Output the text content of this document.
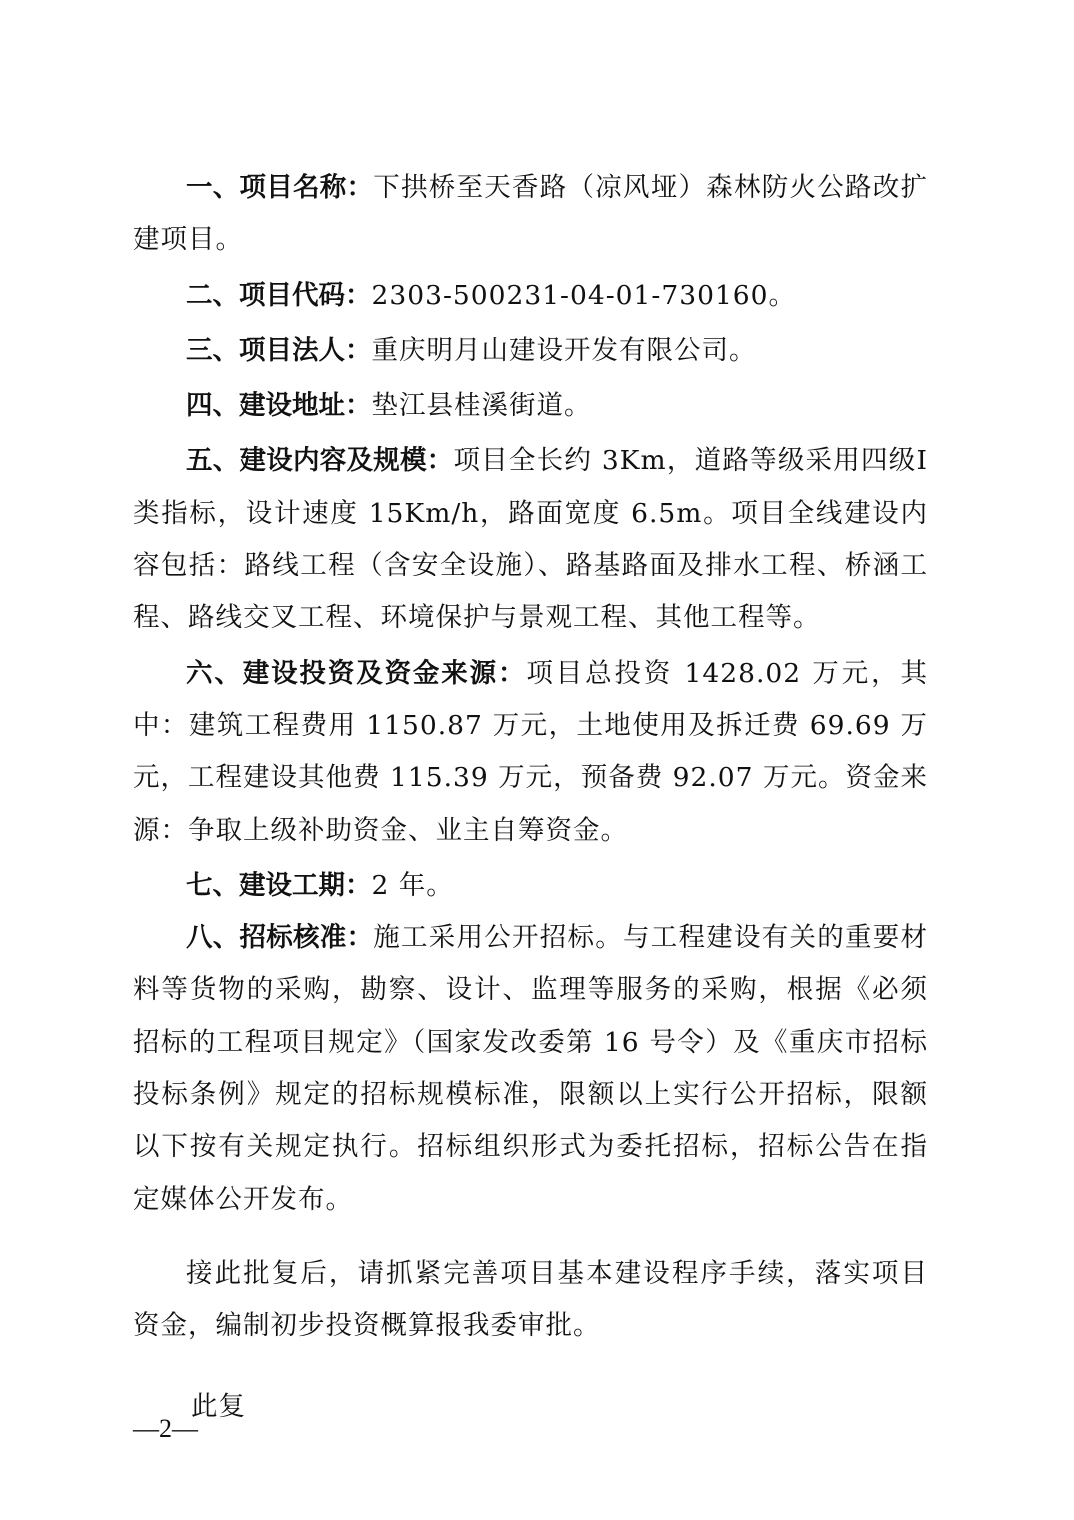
一、项目名称：下拱桥至天香路（凉风垭）森林防火公路改扩建项目。

二、项目代码：2303-500231-04-01-730160。

三、项目法人：重庆明月山建设开发有限公司。

四、建设地址：垫江县桂溪街道。

五、建设内容及规模：项目全长约 3Km，道路等级采用四级Ⅰ类指标，设计速度 15Km/h，路面宽度 6.5m。项目全线建设内容包括：路线工程（含安全设施）、路基路面及排水工程、桥涵工程、路线交叉工程、环境保护与景观工程、其他工程等。

六、建设投资及资金来源：项目总投资 1428.02 万元，其中：建筑工程费用 1150.87 万元，土地使用及拆迁费 69.69 万元，工程建设其他费 115.39 万元，预备费 92.07 万元。资金来源：争取上级补助资金、业主自筹资金。

七、建设工期：2 年。

八、招标核准：施工采用公开招标。与工程建设有关的重要材料等货物的采购，勘察、设计、监理等服务的采购，根据《必须招标的工程项目规定》（国家发改委第 16 号令）及《重庆市招标投标条例》规定的招标规模标准，限额以上实行公开招标，限额以下按有关规定执行。招标组织形式为委托招标，招标公告在指定媒体公开发布。

接此批复后，请抓紧完善项目基本建设程序手续，落实项目资金，编制初步投资概算报我委审批。

此复

—2—
